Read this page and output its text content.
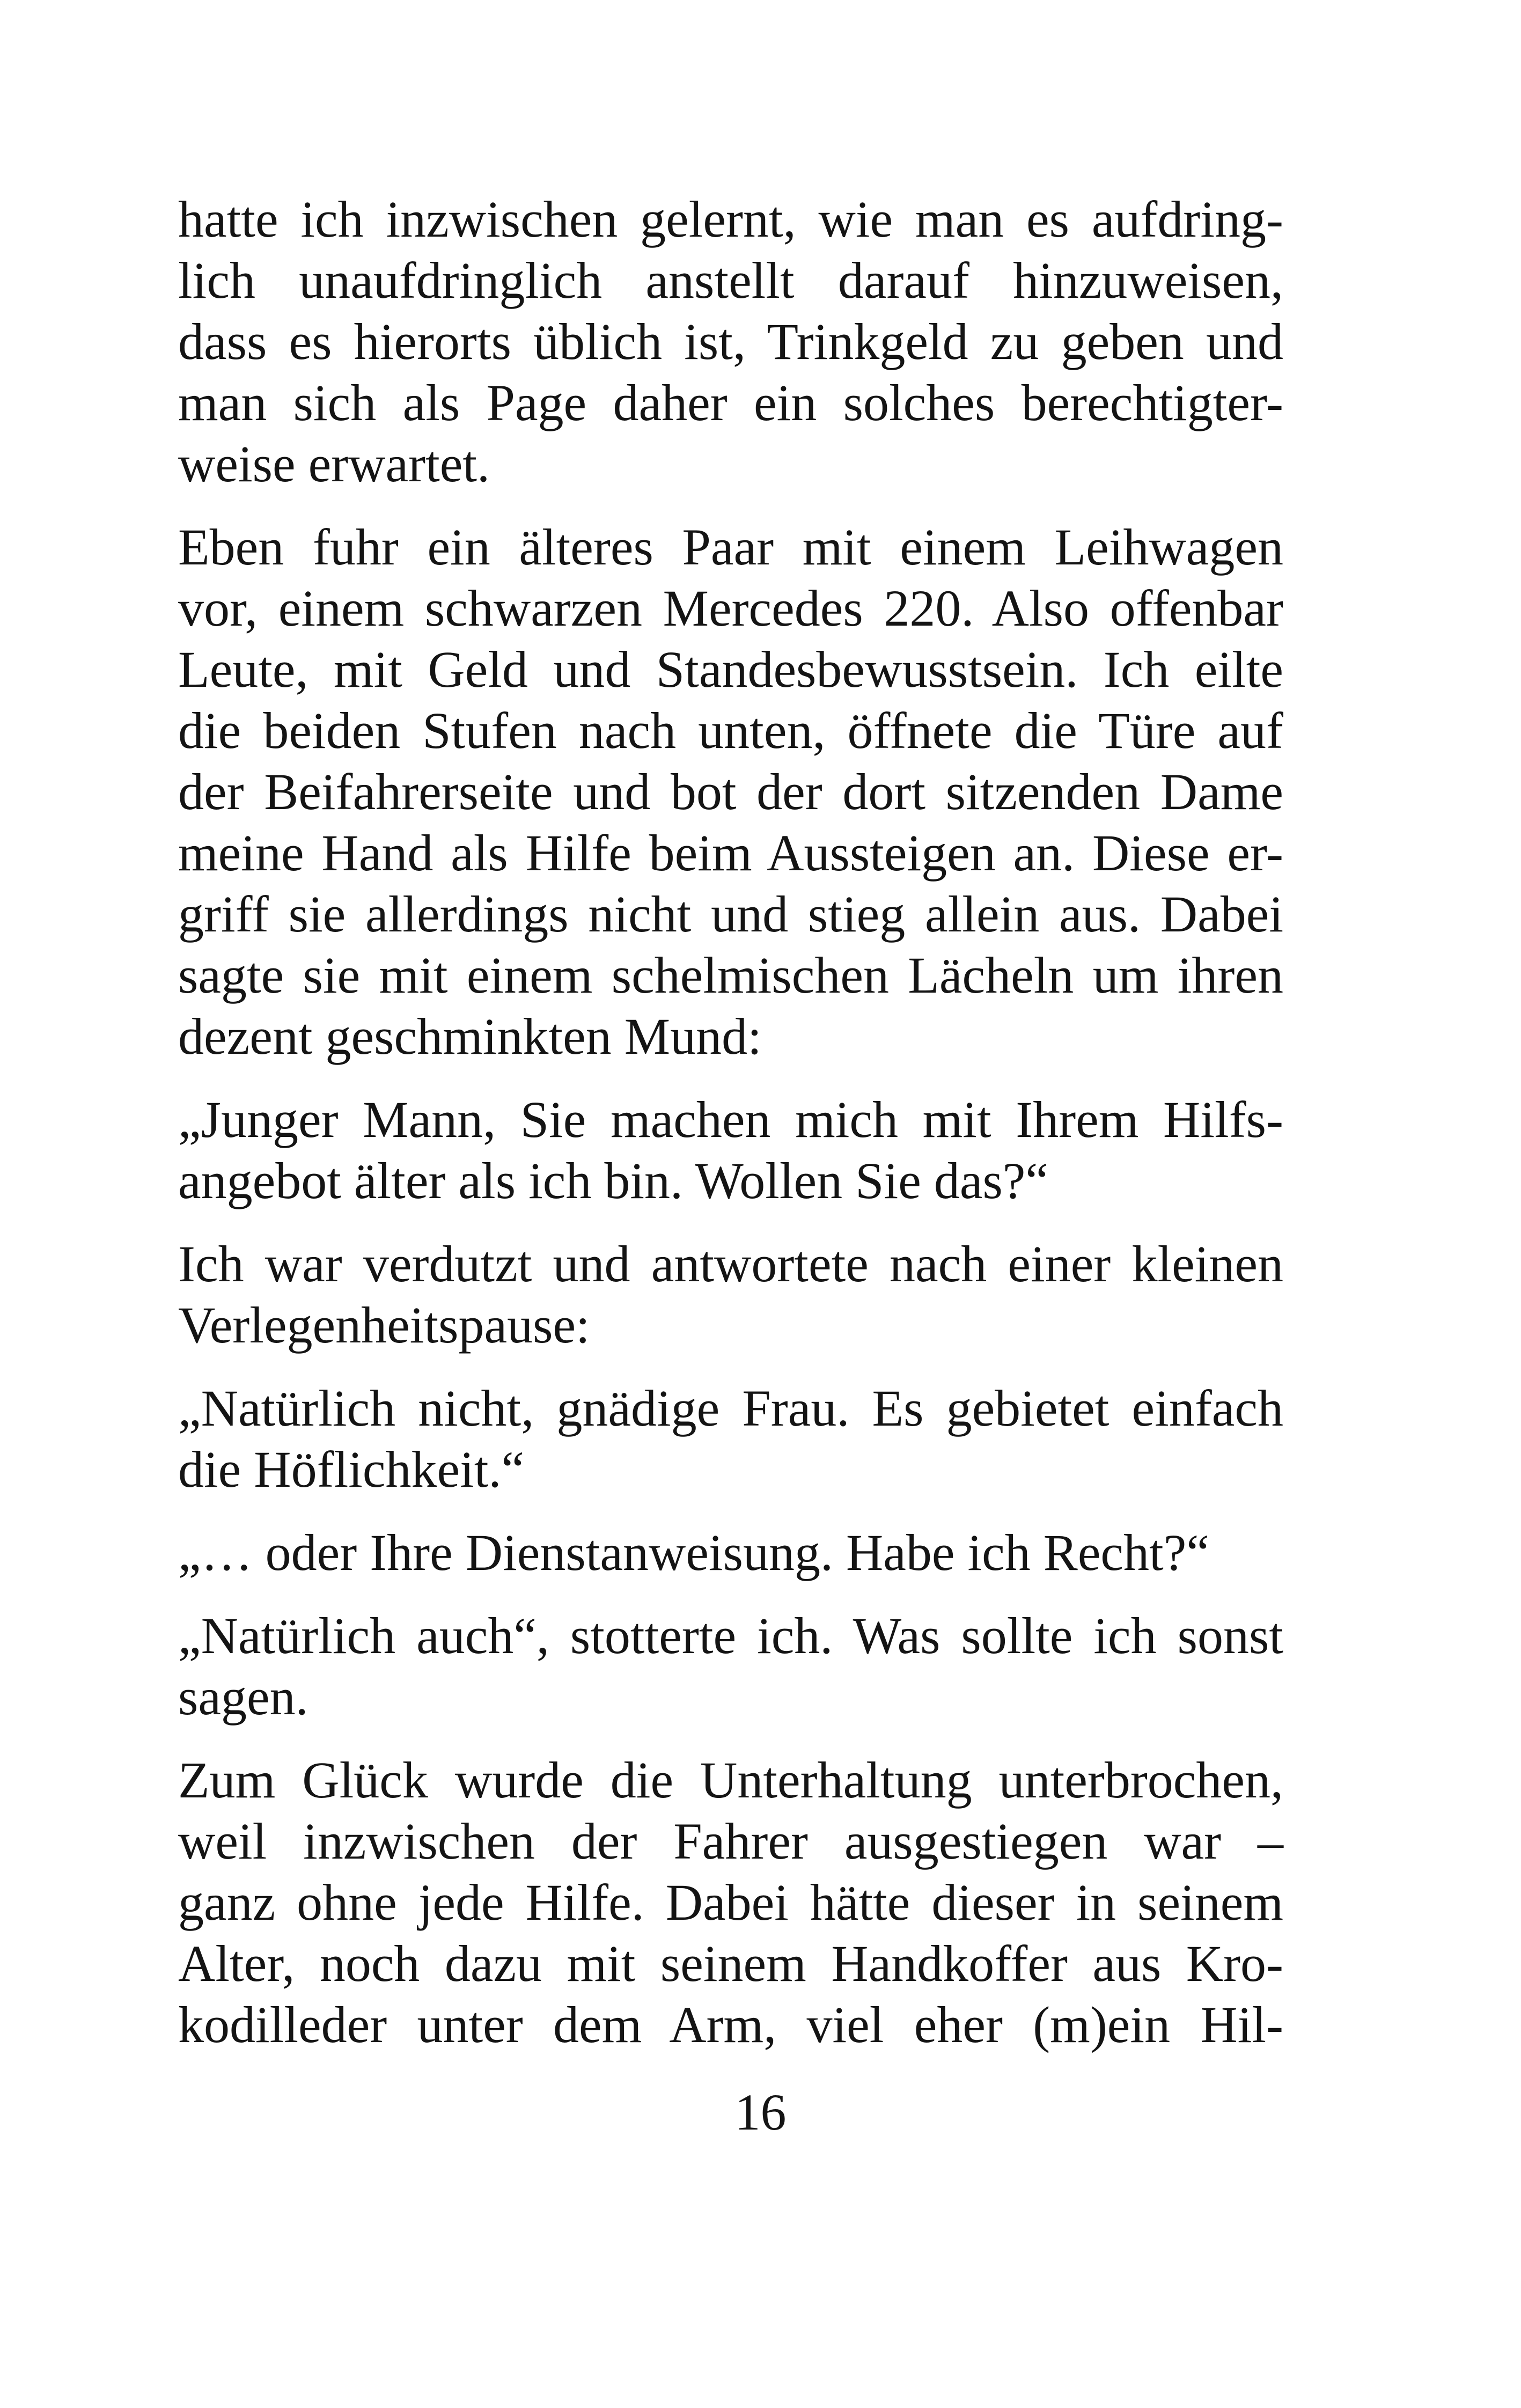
hatte ich inzwischen gelernt, wie man es aufdring-
lich unaufdringlich anstellt darauf hinzuweisen,
dass es hierorts üblich ist, Trinkgeld zu geben und
man sich als Page daher ein solches berechtigter-
weise erwartet.
Eben fuhr ein älteres Paar mit einem Leihwagen
vor, einem schwarzen Mercedes 220. Also offenbar
Leute, mit Geld und Standesbewusstsein. Ich eilte
die beiden Stufen nach unten, öffnete die Türe auf
der Beifahrerseite und bot der dort sitzenden Dame
meine Hand als Hilfe beim Aussteigen an. Diese er-
griff sie allerdings nicht und stieg allein aus. Dabei
sagte sie mit einem schelmischen Lächeln um ihren
dezent geschminkten Mund:
„Junger Mann, Sie machen mich mit Ihrem Hilfs-
angebot älter als ich bin. Wollen Sie das?“
Ich war verdutzt und antwortete nach einer kleinen
Verlegenheitspause:
„Natürlich nicht, gnädige Frau. Es gebietet einfach
die Höflichkeit.“
„… oder Ihre Dienstanweisung. Habe ich Recht?“
„Natürlich auch“, stotterte ich. Was sollte ich sonst
sagen.
Zum Glück wurde die Unterhaltung unterbrochen,
weil inzwischen der Fahrer ausgestiegen war –
ganz ohne jede Hilfe. Dabei hätte dieser in seinem
Alter, noch dazu mit seinem Handkoffer aus Kro-
kodilleder unter dem Arm, viel eher (m)ein Hil-
16
